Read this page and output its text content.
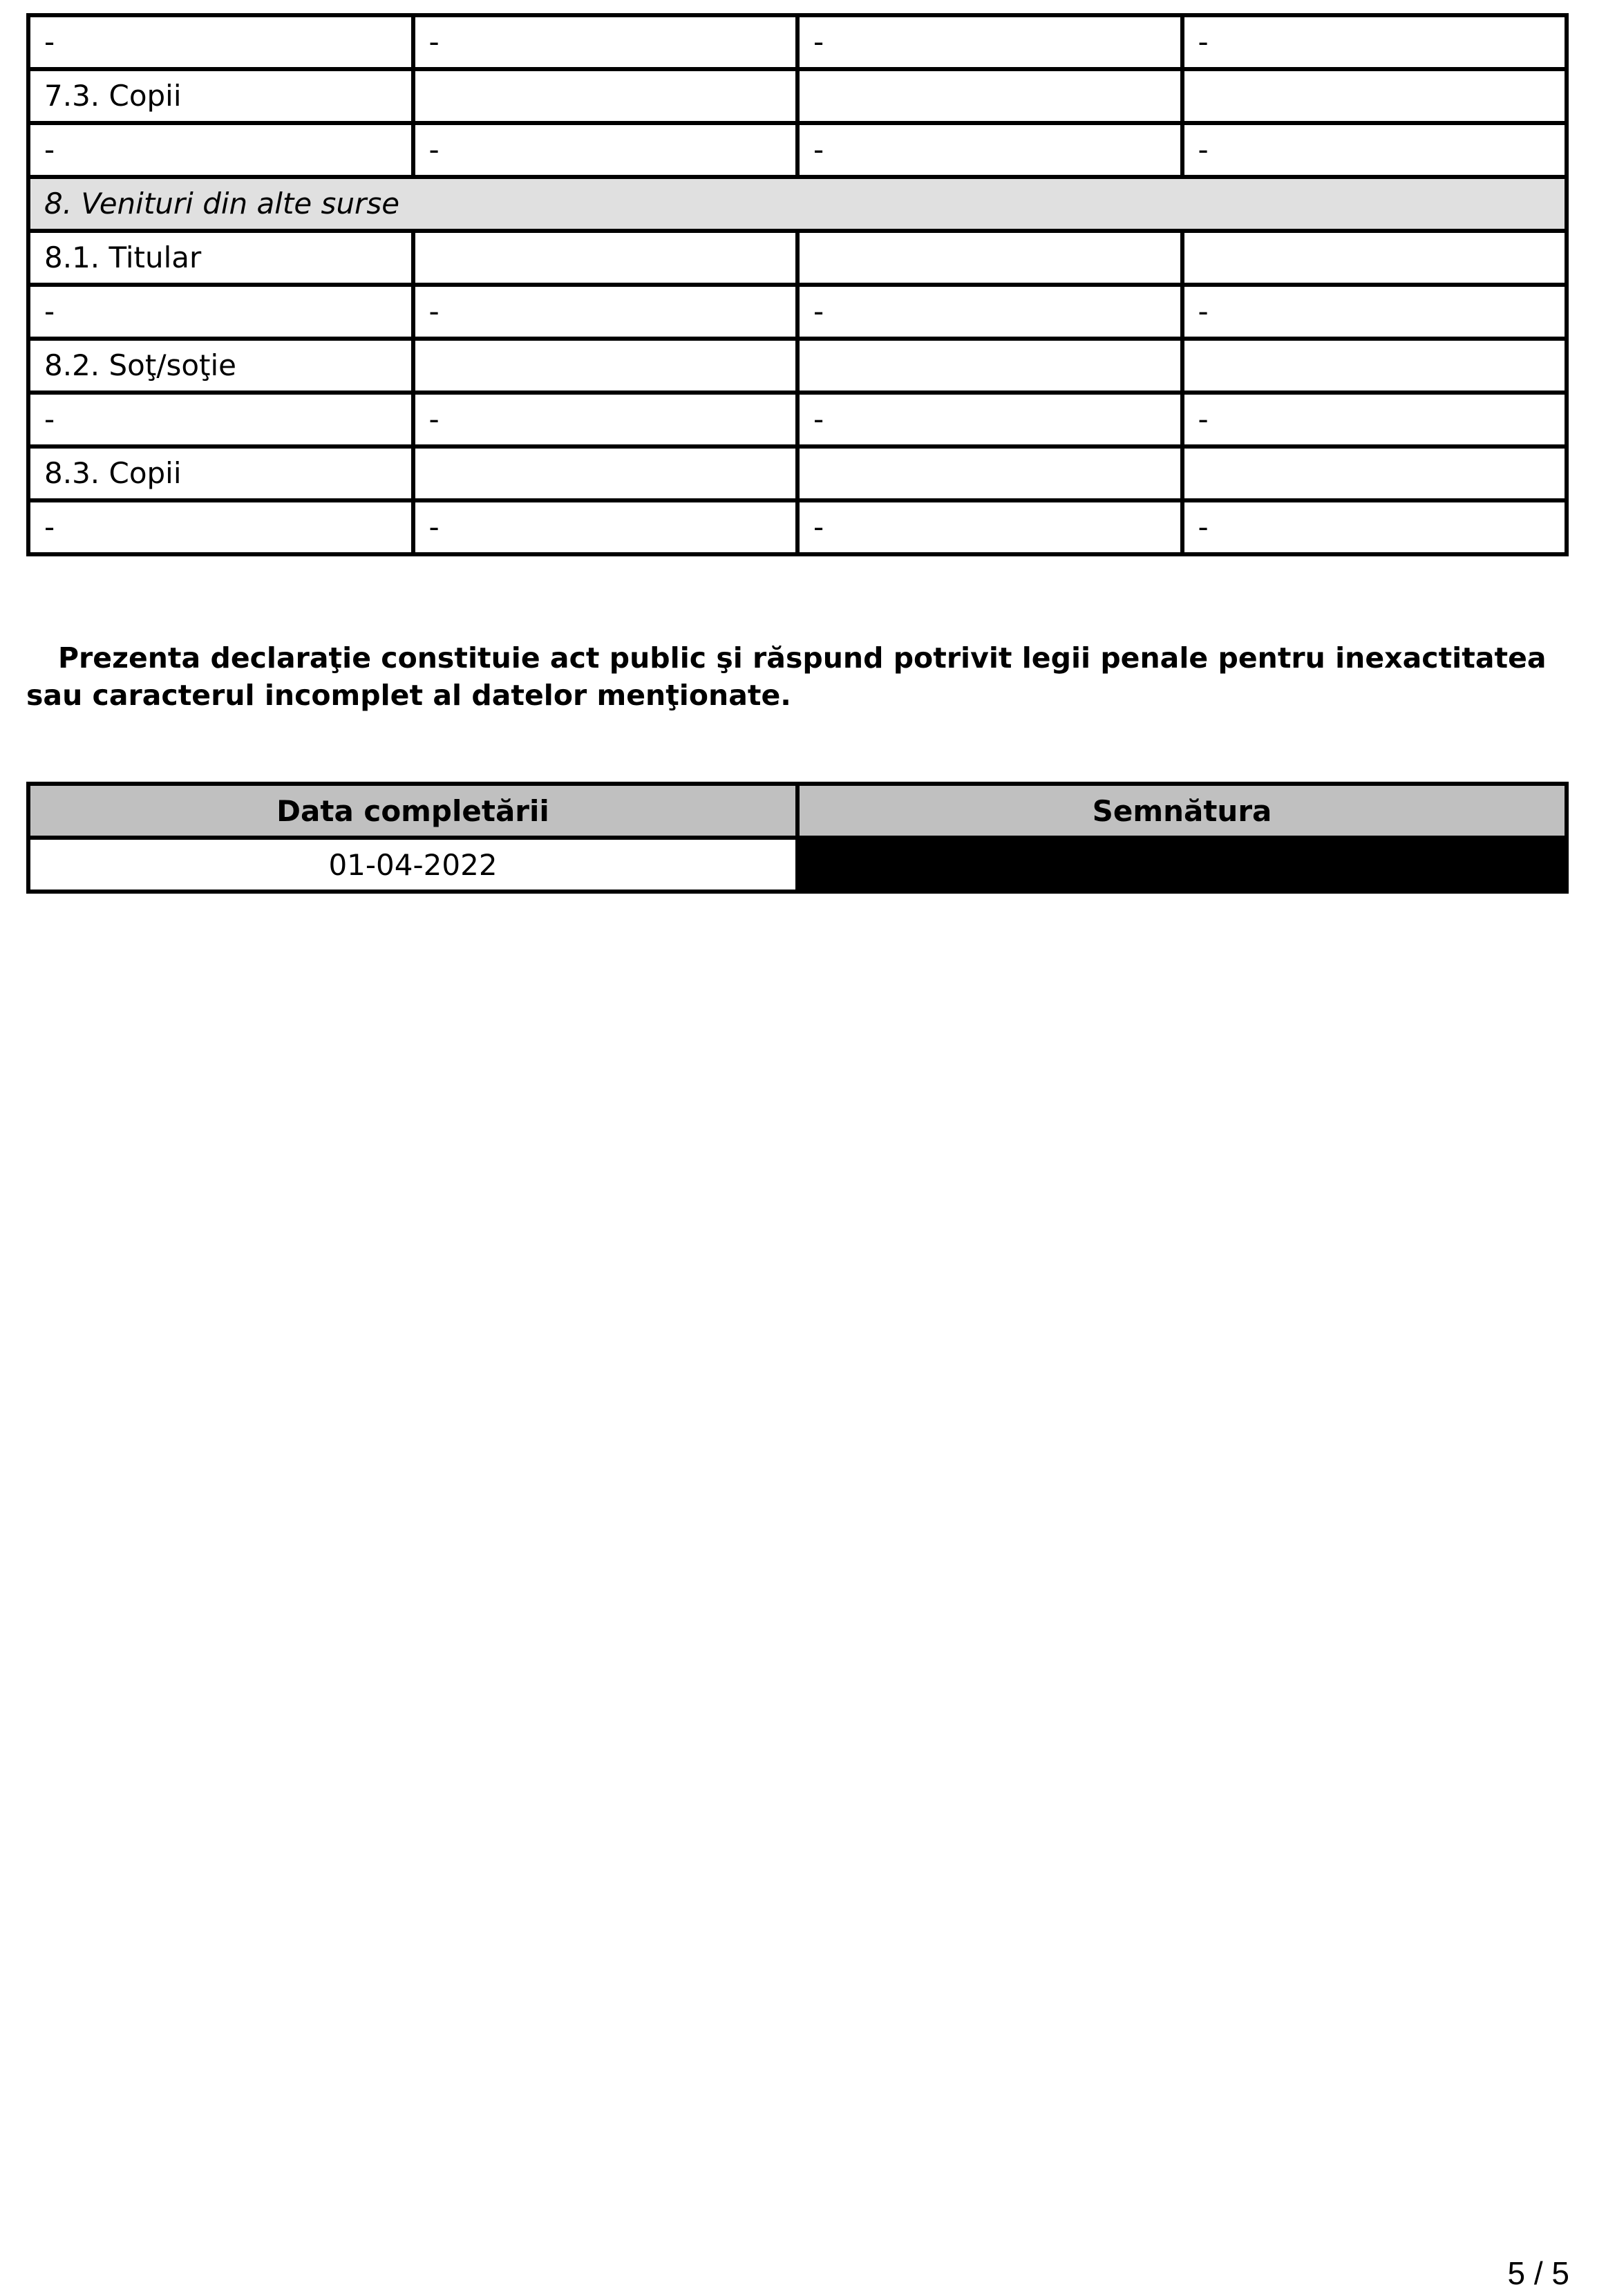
-	-	-	-
7.3. Copii			
-	-	-	-
8. Venituri din alte surse			
8.1. Titular			
-	-	-	-
8.2. Soţ/soţie			
-	-	-	-
8.3. Copii			
-	-	-	-

Prezenta declaraţie constituie act public şi răspund potrivit legii penale pentru inexactitatea sau caracterul incomplet al datelor menţionate.

Data completării	Semnătura
01-04-2022	
5 / 5
